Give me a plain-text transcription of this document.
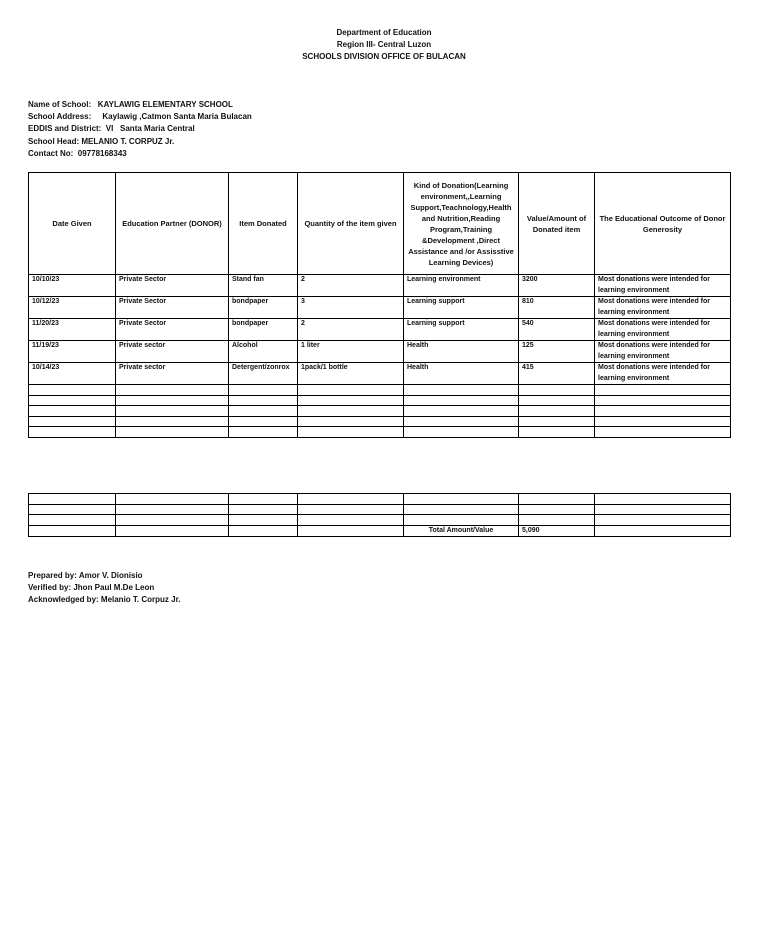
Department of Education
Region III- Central Luzon
SCHOOLS DIVISION OFFICE OF BULACAN
Name of School: KAYLAWIG ELEMENTARY SCHOOL
School Address: Kaylawig ,Catmon Santa Maria Bulacan
EDDIS and District: VI   Santa Maria Central
School Head: MELANIO T. CORPUZ Jr.
Contact No: 09778168343
Date Given	Education Partner (DONOR)	Item Donated	Quantity of the item given	Kind of Donation(Learning environment,,Learning Support,Teachnology,Health and Nutrition,Reading Program,Training &Development ,Direct Assistance and /or Assisstive Learning Devices)	Value/Amount of Donated item	The Educational Outcome of Donor Generosity
10/10/23	Private Sector	Stand fan	2	Learning environment	3200	Most donations were intended for learning environment
10/12/23	Private Sector	bondpaper	3	Learning support	810	Most donations were intended for learning environment
11/20/23	Private Sector	bondpaper	2	Learning support	540	Most donations were intended for learning environment
11/19/23	Private sector	Alcohol	1 liter	Health	125	Most donations were intended for learning environment
10/14/23	Private sector	Detergent/zonrox	1pack/1 bottle	Health	415	Most donations were intended for learning environment

				Total Amount/Value	5,090	
Prepared by: Amor V. Dionisio
Verified by: Jhon Paul M.De Leon
Acknowledged by: Melanio T. Corpuz Jr.
